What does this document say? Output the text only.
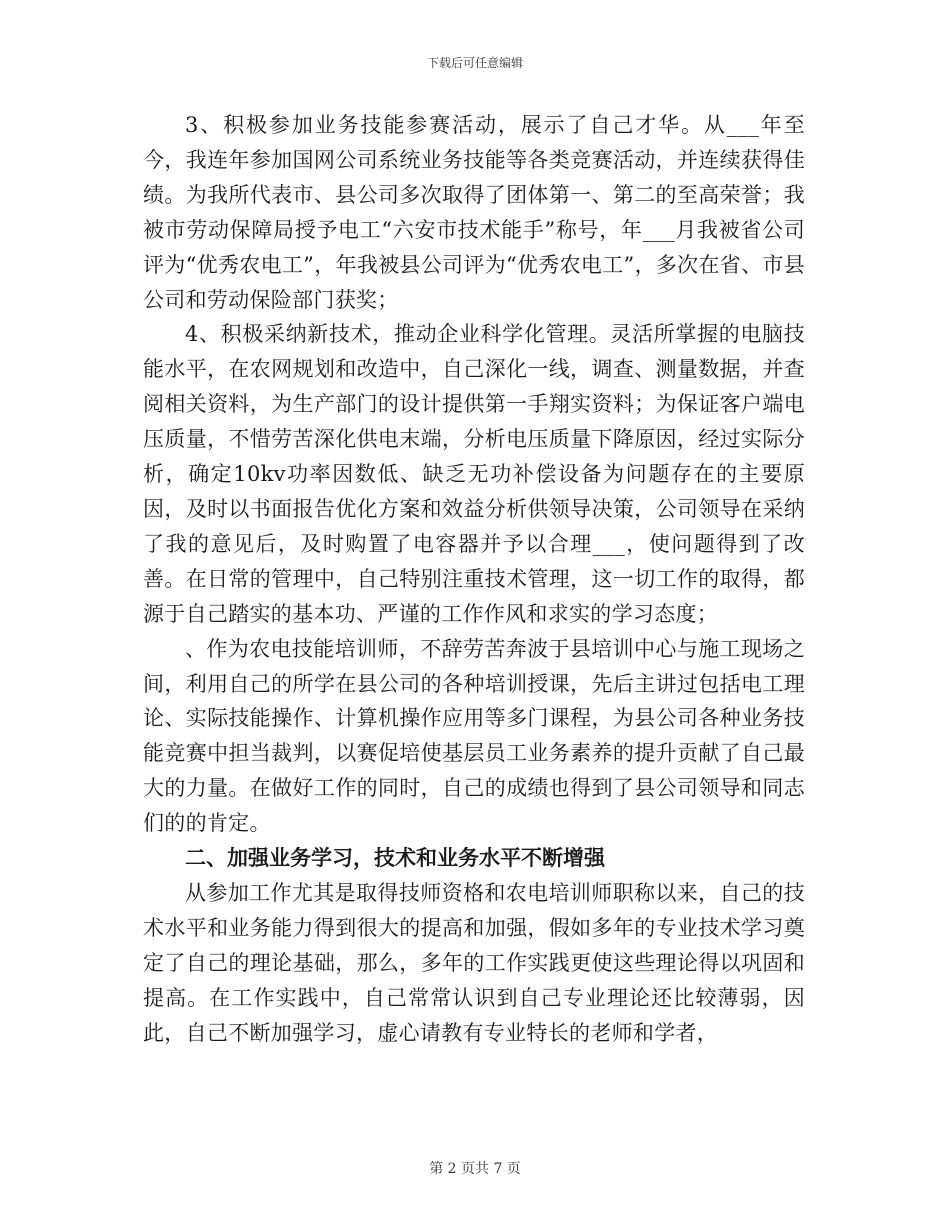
下载后可任意编辑

3、积极参加业务技能参赛活动，展示了自己才华。从___年至今，我连年参加国网公司系统业务技能等各类竞赛活动，并连续获得佳绩。为我所代表市、县公司多次取得了团体第一、第二的至高荣誉；我被市劳动保障局授予电工“六安市技术能手”称号，年___月我被省公司评为“优秀农电工”，年我被县公司评为“优秀农电工”，多次在省、市县公司和劳动保险部门获奖；

4、积极采纳新技术，推动企业科学化管理。灵活所掌握的电脑技能水平，在农网规划和改造中，自己深化一线，调查、测量数据，并查阅相关资料，为生产部门的设计提供第一手翔实资料；为保证客户端电压质量，不惜劳苦深化供电末端，分析电压质量下降原因，经过实际分析，确定10kv功率因数低、缺乏无功补偿设备为问题存在的主要原因，及时以书面报告优化方案和效益分析供领导决策，公司领导在采纳了我的意见后，及时购置了电容器并予以合理___，使问题得到了改善。在日常的管理中，自己特别注重技术管理，这一切工作的取得，都源于自己踏实的基本功、严谨的工作作风和求实的学习态度；

、作为农电技能培训师，不辞劳苦奔波于县培训中心与施工现场之间，利用自己的所学在县公司的各种培训授课，先后主讲过包括电工理论、实际技能操作、计算机操作应用等多门课程，为县公司各种业务技能竞赛中担当裁判，以赛促培使基层员工业务素养的提升贡献了自己最大的力量。在做好工作的同时，自己的成绩也得到了县公司领导和同志们的的肯定。

二、加强业务学习，技术和业务水平不断增强

从参加工作尤其是取得技师资格和农电培训师职称以来，自己的技术水平和业务能力得到很大的提高和加强，假如多年的专业技术学习奠定了自己的理论基础，那么，多年的工作实践更使这些理论得以巩固和提高。在工作实践中，自己常常认识到自己专业理论还比较薄弱，因此，自己不断加强学习，虚心请教有专业特长的老师和学者，

第 2 页共 7 页
